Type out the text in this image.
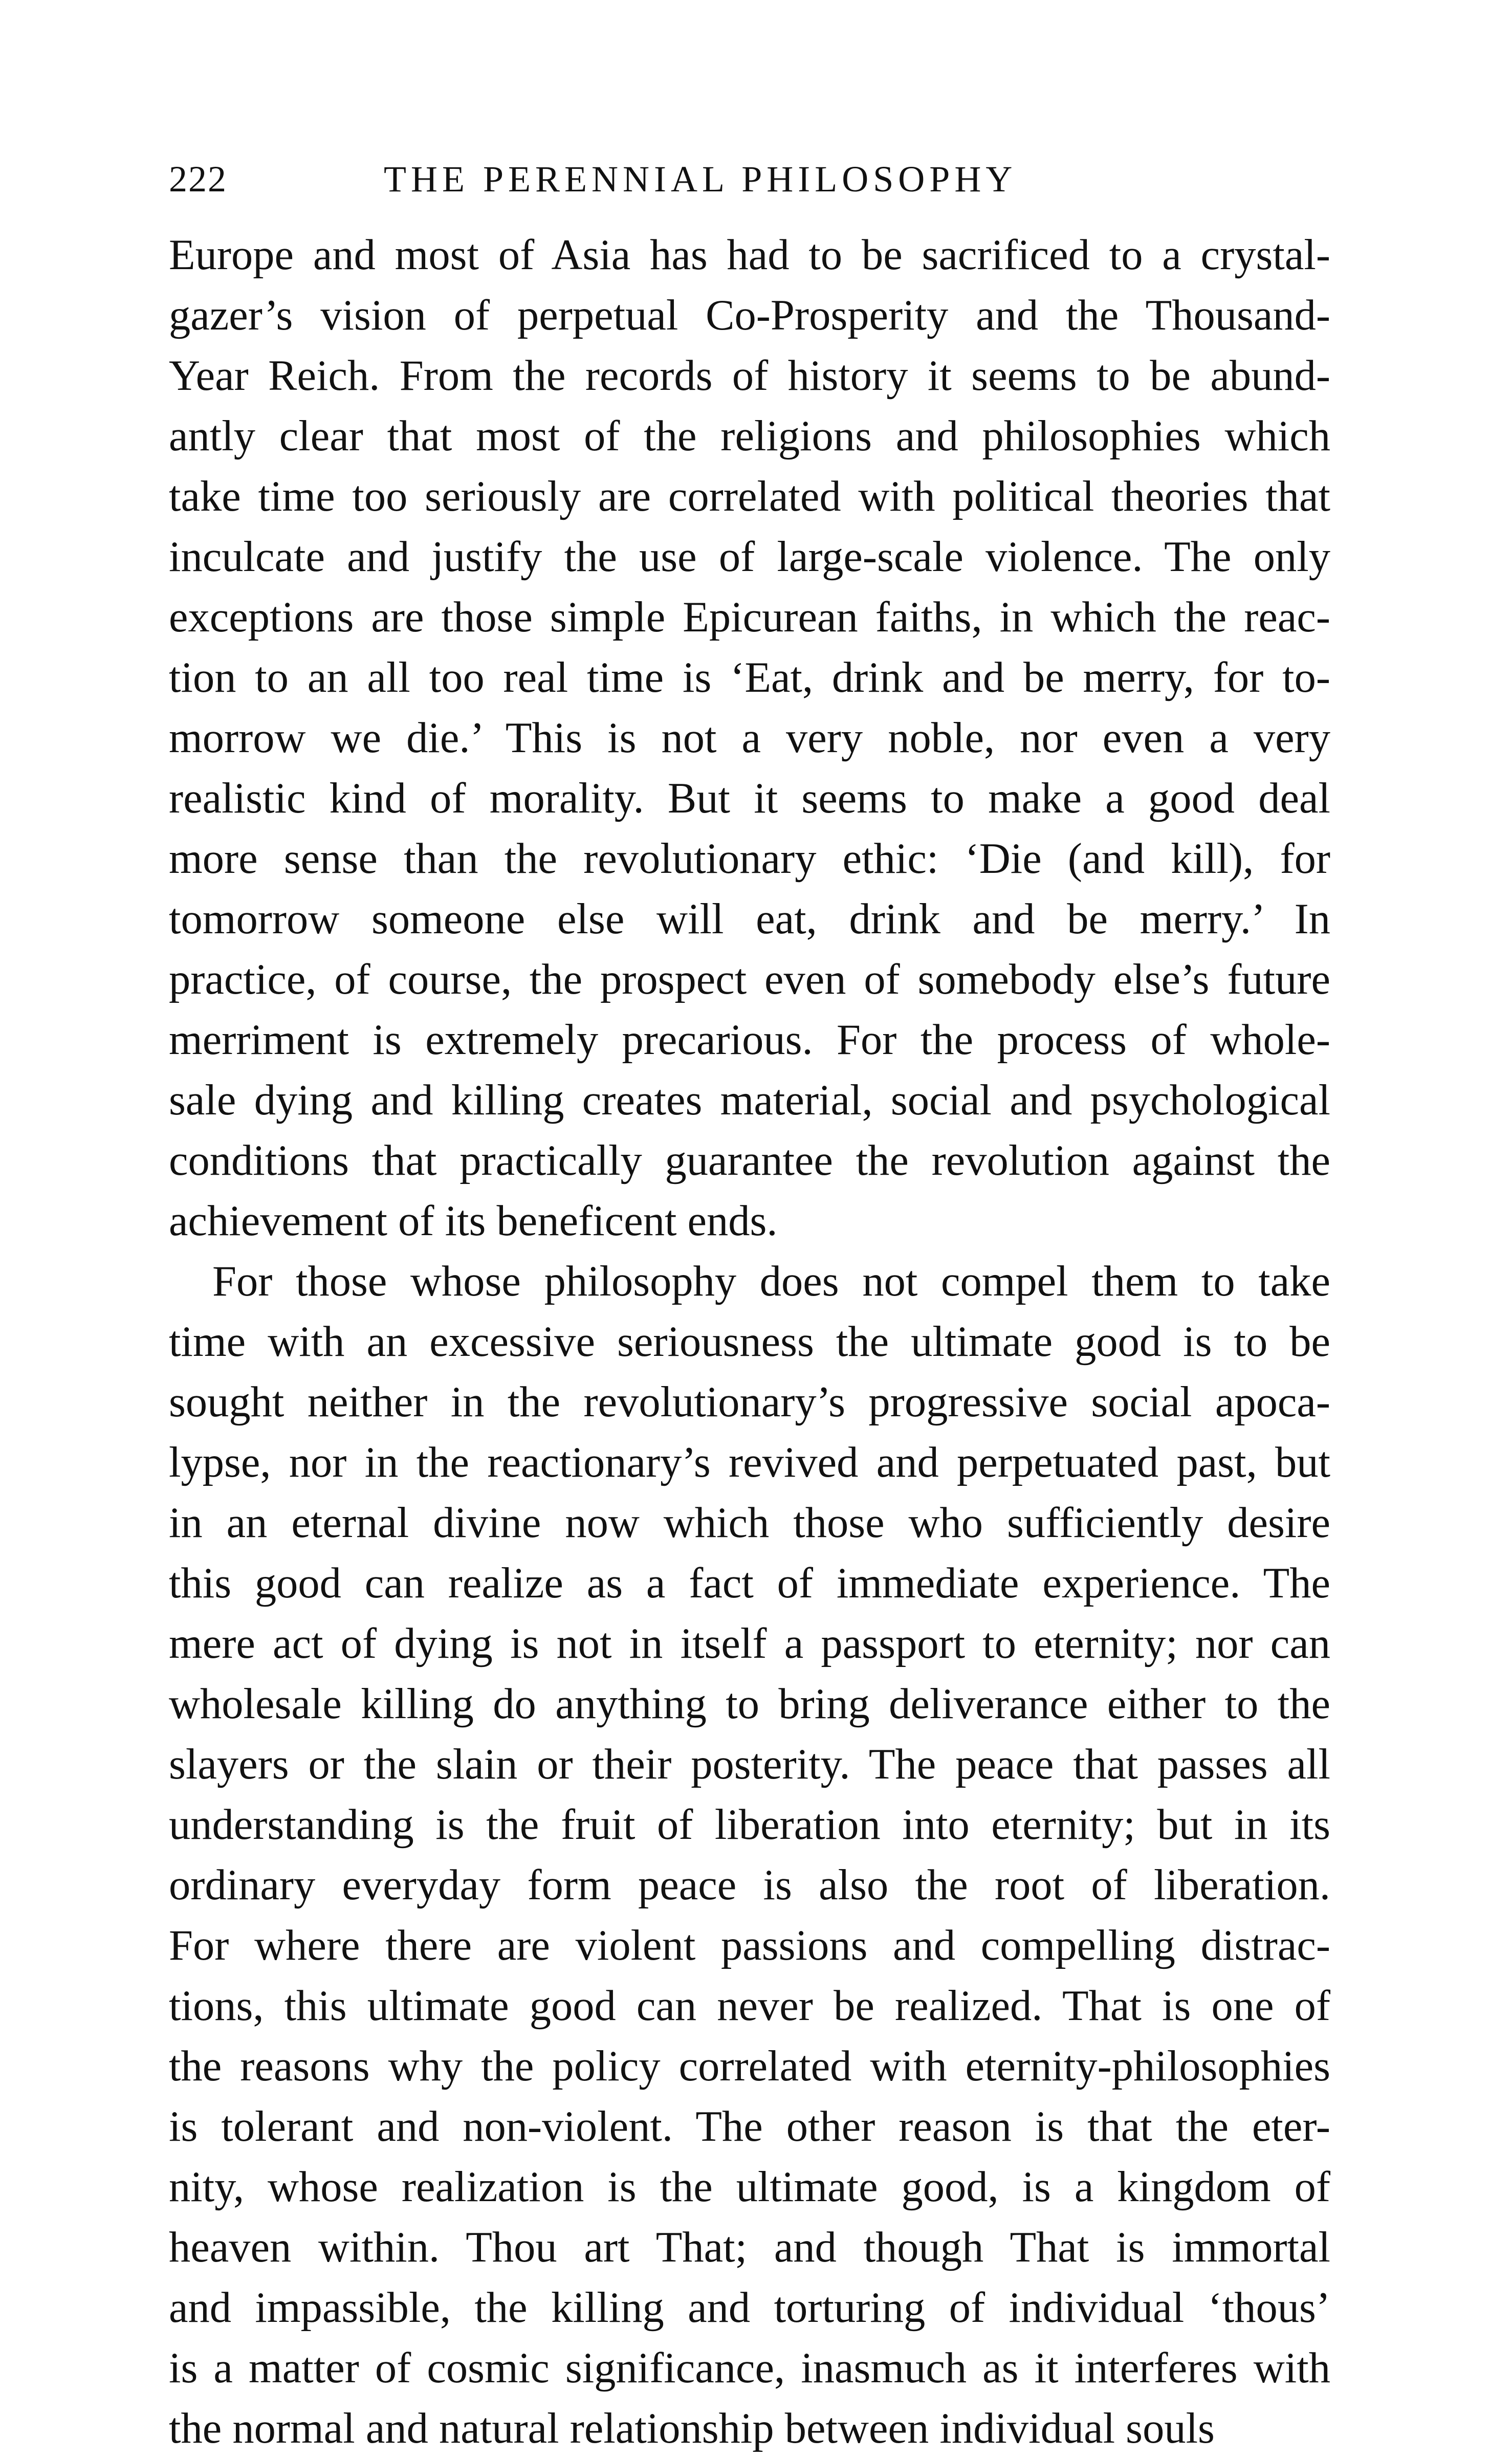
222	THE PERENNIAL PHILOSOPHY
Europe and most of Asia has had to be sacrificed to a crystal-
gazer’s vision of perpetual Co-Prosperity and the Thousand-
Year Reich. From the records of history it seems to be abund-
antly clear that most of the religions and philosophies which
take time too seriously are correlated with political theories that
inculcate and justify the use of large-scale violence. The only
exceptions are those simple Epicurean faiths, in which the reac-
tion to an all too real time is ‘Eat, drink and be merry, for to-
morrow we die.’ This is not a very noble, nor even a very
realistic kind of morality. But it seems to make a good deal
more sense than the revolutionary ethic: ‘Die (and kill), for
tomorrow someone else will eat, drink and be merry.’ In
practice, of course, the prospect even of somebody else’s future
merriment is extremely precarious. For the process of whole-
sale dying and killing creates material, social and psychological
conditions that practically guarantee the revolution against the
achievement of its beneficent ends.
For those whose philosophy does not compel them to take
time with an excessive seriousness the ultimate good is to be
sought neither in the revolutionary’s progressive social apoca-
lypse, nor in the reactionary’s revived and perpetuated past, but
in an eternal divine now which those who sufficiently desire
this good can realize as a fact of immediate experience. The
mere act of dying is not in itself a passport to eternity; nor can
wholesale killing do anything to bring deliverance either to the
slayers or the slain or their posterity. The peace that passes all
understanding is the fruit of liberation into eternity; but in its
ordinary everyday form peace is also the root of liberation.
For where there are violent passions and compelling distrac-
tions, this ultimate good can never be realized. That is one of
the reasons why the policy correlated with eternity-philosophies
is tolerant and non-violent. The other reason is that the eter-
nity, whose realization is the ultimate good, is a kingdom of
heaven within. Thou art That; and though That is immortal
and impassible, the killing and torturing of individual ‘thous’
is a matter of cosmic significance, inasmuch as it interferes with
the normal and natural relationship between individual souls
